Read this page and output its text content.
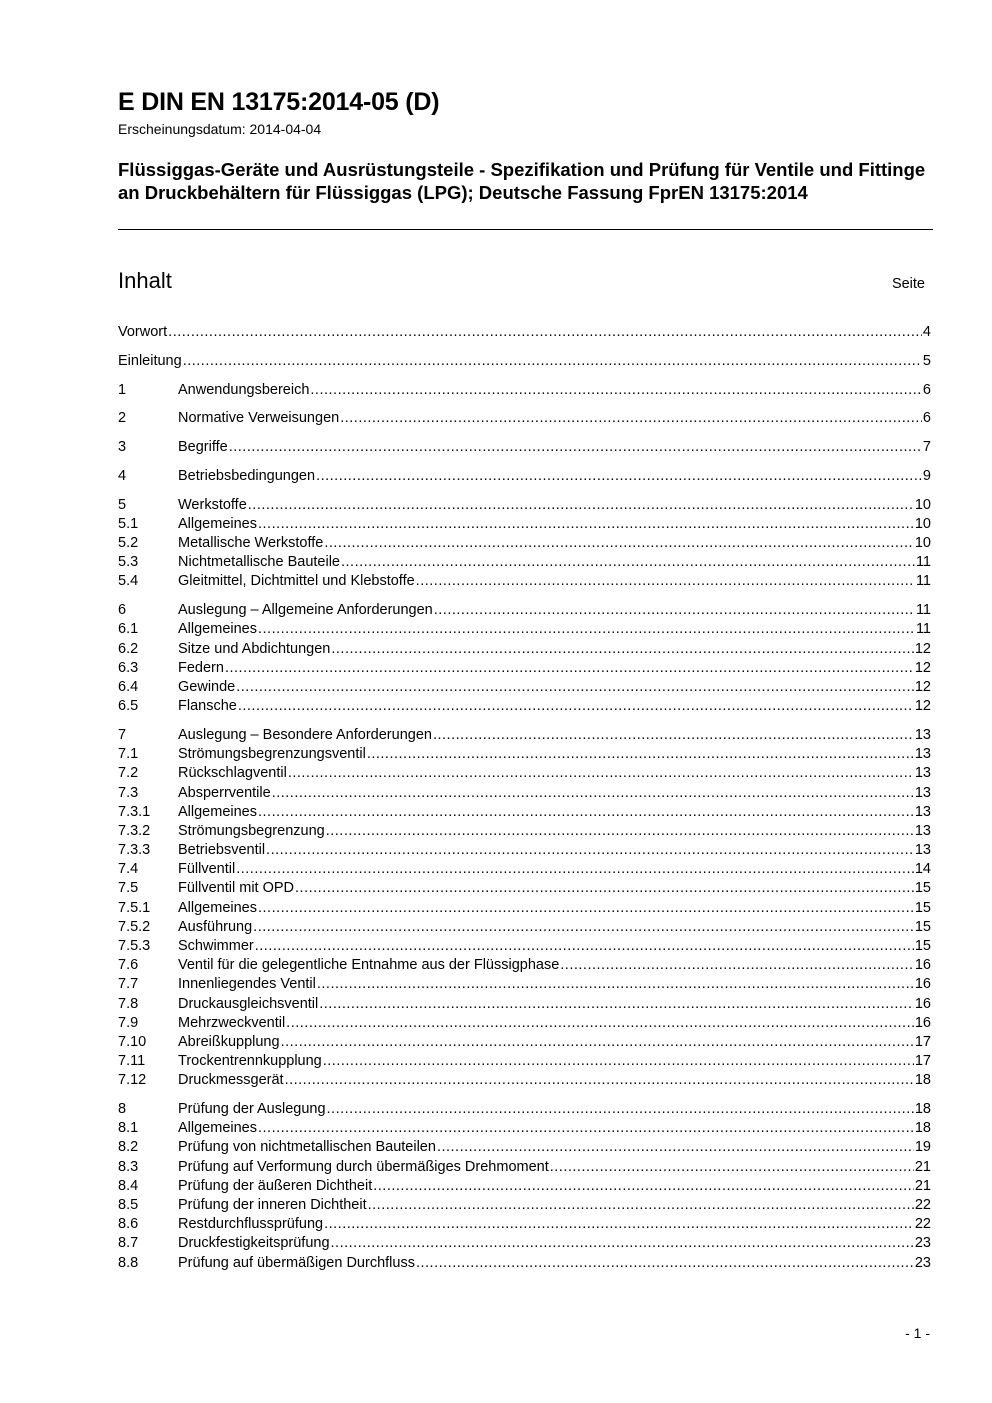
E DIN EN 13175:2014-05 (D)
Erscheinungsdatum: 2014-04-04
Flüssiggas-Geräte und Ausrüstungsteile - Spezifikation und Prüfung für Ventile und Fittinge an Druckbehältern für Flüssiggas (LPG); Deutsche Fassung FprEN 13175:2014
Inhalt	Seite
Vorwort .....	4
Einleitung .....	5
1	Anwendungsbereich .....	6
2	Normative Verweisungen .....	6
3	Begriffe .....	7
4	Betriebsbedingungen .....	9
5	Werkstoffe .....	10
5.1	Allgemeines .....	10
5.2	Metallische Werkstoffe .....	10
5.3	Nichtmetallische Bauteile .....	11
5.4	Gleitmittel, Dichtmittel und Klebstoffe .....	11
6	Auslegung – Allgemeine Anforderungen .....	11
6.1	Allgemeines .....	11
6.2	Sitze und Abdichtungen .....	12
6.3	Federn .....	12
6.4	Gewinde .....	12
6.5	Flansche .....	12
7	Auslegung – Besondere Anforderungen .....	13
7.1	Strömungsbegrenzungsventil .....	13
7.2	Rückschlagventil .....	13
7.3	Absperrventile .....	13
7.3.1	Allgemeines .....	13
7.3.2	Strömungsbegrenzung .....	13
7.3.3	Betriebsventil .....	13
7.4	Füllventil .....	14
7.5	Füllventil mit OPD .....	15
7.5.1	Allgemeines .....	15
7.5.2	Ausführung .....	15
7.5.3	Schwimmer .....	15
7.6	Ventil für die gelegentliche Entnahme aus der Flüssigphase .....	16
7.7	Innenliegendes Ventil .....	16
7.8	Druckausgleichsventil .....	16
7.9	Mehrzweckventil .....	16
7.10	Abreißkupplung .....	17
7.11	Trockentrennkupplung .....	17
7.12	Druckmessgerät .....	18
8	Prüfung der Auslegung .....	18
8.1	Allgemeines .....	18
8.2	Prüfung von nichtmetallischen Bauteilen .....	19
8.3	Prüfung auf Verformung durch übermäßiges Drehmoment .....	21
8.4	Prüfung der äußeren Dichtheit .....	21
8.5	Prüfung der inneren Dichtheit .....	22
8.6	Restdurchflussprüfung .....	22
8.7	Druckfestigkeitsprüfung .....	23
8.8	Prüfung auf übermäßigen Durchfluss .....	23
- 1 -
